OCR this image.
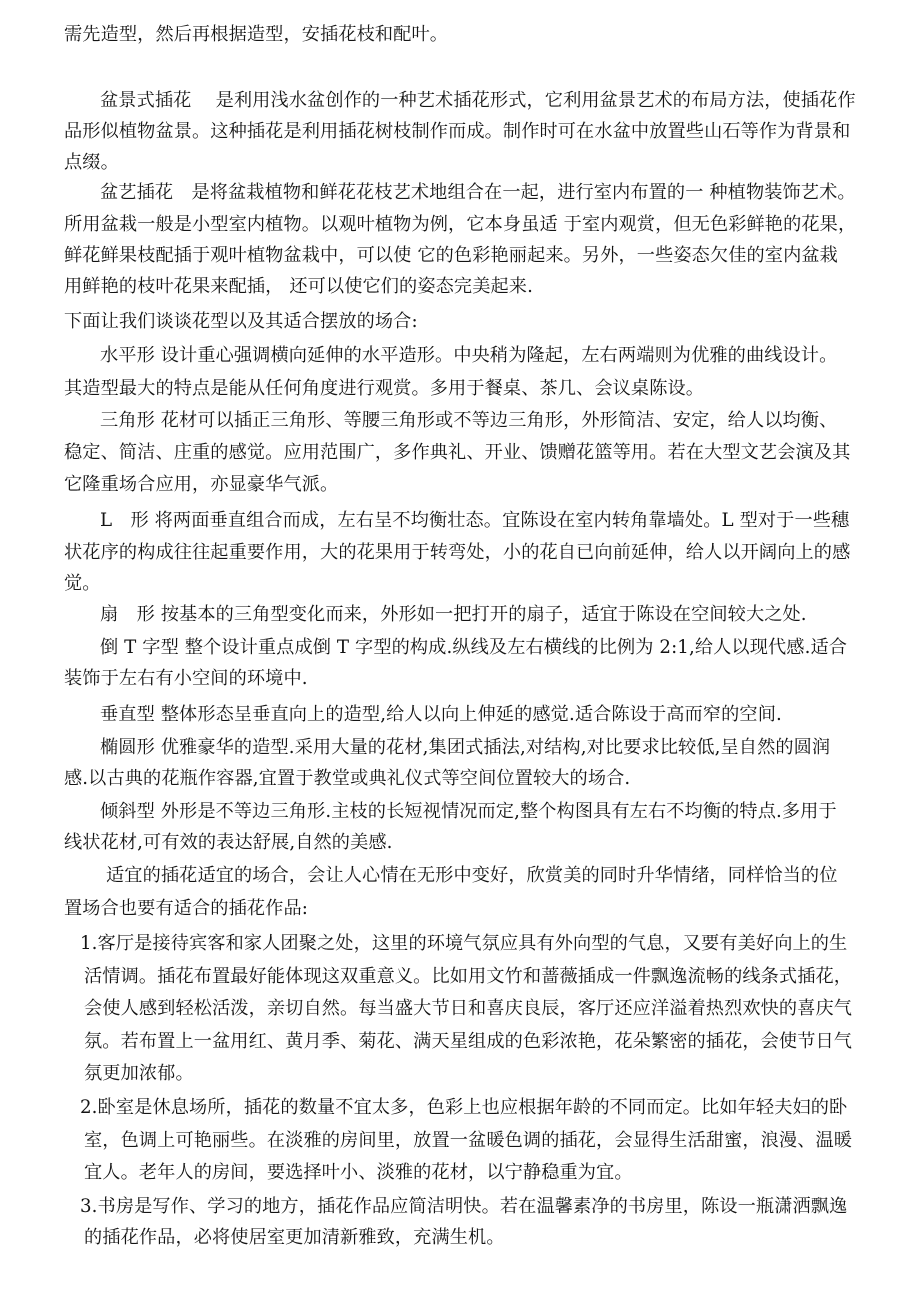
需先造型，然后再根据造型，安插花枝和配叶。
盆景式插花　 是利用浅水盆创作的一种艺术插花形式，它利用盆景艺术的布局方法，使插花作
品形似植物盆景。这种插花是利用插花树枝制作而成。制作时可在水盆中放置些山石等作为背景和
点缀。
盆艺插花　是将盆栽植物和鲜花花枝艺术地组合在一起，进行室内布置的一 种植物装饰艺术。
所用盆栽一般是小型室内植物。以观叶植物为例，它本身虽适 于室内观赏，但无色彩鲜艳的花果，
鲜花鲜果枝配插于观叶植物盆栽中，可以使 它的色彩艳丽起来。另外，一些姿态欠佳的室内盆栽
用鲜艳的枝叶花果来配插， 还可以使它们的姿态完美起来.
下面让我们谈谈花型以及其适合摆放的场合:
水平形 设计重心强调横向延伸的水平造形。中央稍为隆起，左右两端则为优雅的曲线设计。
其造型最大的特点是能从任何角度进行观赏。多用于餐桌、茶几、会议桌陈设。
三角形 花材可以插正三角形、等腰三角形或不等边三角形，外形简洁、安定，给人以均衡、
稳定、简洁、庄重的感觉。应用范围广，多作典礼、开业、馈赠花篮等用。若在大型文艺会演及其
它隆重场合应用，亦显豪华气派。
L　形 将两面垂直组合而成，左右呈不均衡壮态。宜陈设在室内转角靠墙处。L 型对于一些穗
状花序的构成往往起重要作用，大的花果用于转弯处，小的花自已向前延伸，给人以开阔向上的感
觉。
扇　形 按基本的三角型变化而来，外形如一把打开的扇子，适宜于陈设在空间较大之处.
倒 T 字型 整个设计重点成倒 T 字型的构成.纵线及左右横线的比例为 2:1,给人以现代感.适合
装饰于左右有小空间的环境中.
垂直型 整体形态呈垂直向上的造型,给人以向上伸延的感觉.适合陈设于高而窄的空间.
椭圆形 优雅豪华的造型.采用大量的花材,集团式插法,对结构,对比要求比较低,呈自然的圆润
感.以古典的花瓶作容器,宜置于教堂或典礼仪式等空间位置较大的场合.
倾斜型 外形是不等边三角形.主枝的长短视情况而定,整个构图具有左右不均衡的特点.多用于
线状花材,可有效的表达舒展,自然的美感.
适宜的插花适宜的场合，会让人心情在无形中变好，欣赏美的同时升华情绪，同样恰当的位
置场合也要有适合的插花作品:
1.客厅是接待宾客和家人团聚之处，这里的环境气氛应具有外向型的气息，又要有美好向上的生
活情调。插花布置最好能体现这双重意义。比如用文竹和蔷薇插成一件飘逸流畅的线条式插花，
会使人感到轻松活泼，亲切自然。每当盛大节日和喜庆良辰，客厅还应洋溢着热烈欢快的喜庆气
氛。若布置上一盆用红、黄月季、菊花、满天星组成的色彩浓艳，花朵繁密的插花，会使节日气
氛更加浓郁。
2.卧室是休息场所，插花的数量不宜太多，色彩上也应根据年龄的不同而定。比如年轻夫妇的卧
室，色调上可艳丽些。在淡雅的房间里，放置一盆暖色调的插花，会显得生活甜蜜，浪漫、温暖
宜人。老年人的房间，要选择叶小、淡雅的花材，以宁静稳重为宜。
3.书房是写作、学习的地方，插花作品应简洁明快。若在温馨素净的书房里，陈设一瓶潇洒飘逸
的插花作品，必将使居室更加清新雅致，充满生机。
